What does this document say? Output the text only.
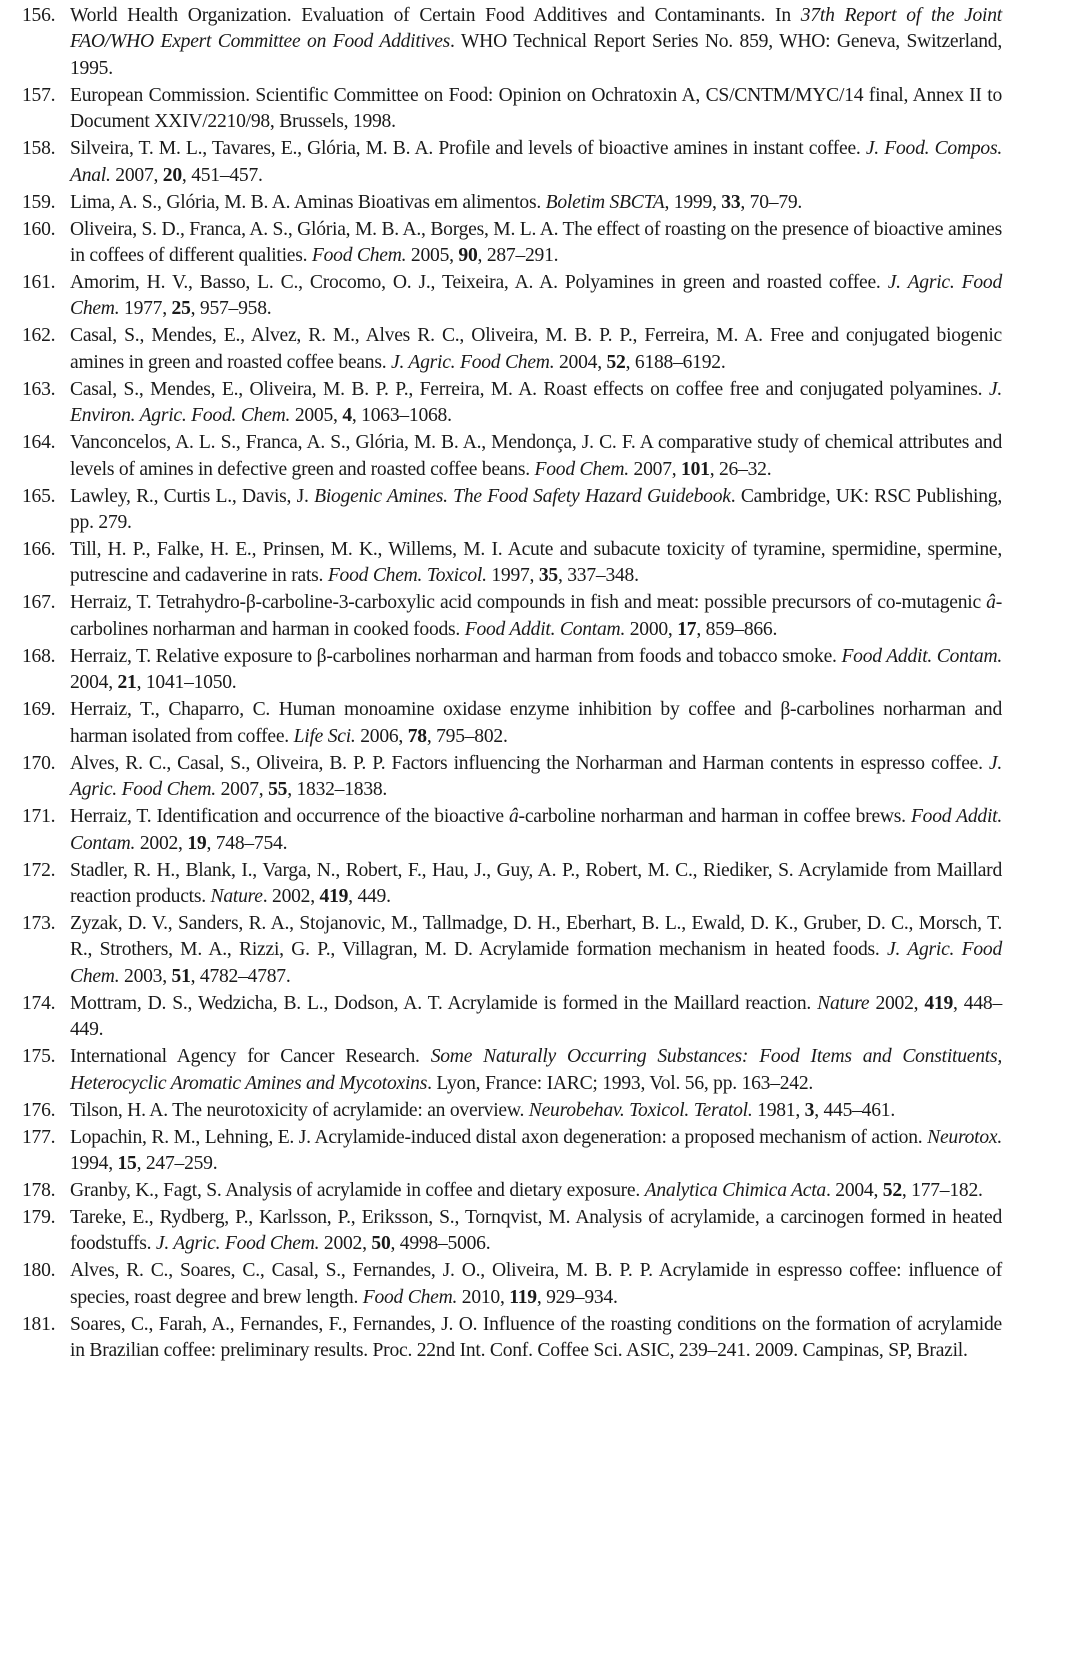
156. World Health Organization. Evaluation of Certain Food Additives and Contaminants. In 37th Report of the Joint FAO/WHO Expert Committee on Food Additives. WHO Technical Report Series No. 859, WHO: Geneva, Switzerland, 1995.
157. European Commission. Scientific Committee on Food: Opinion on Ochratoxin A, CS/CNTM/MYC/14 final, Annex II to Document XXIV/2210/98, Brussels, 1998.
158. Silveira, T. M. L., Tavares, E., Glória, M. B. A. Profile and levels of bioactive amines in instant coffee. J. Food. Compos. Anal. 2007, 20, 451–457.
159. Lima, A. S., Glória, M. B. A. Aminas Bioativas em alimentos. Boletim SBCTA, 1999, 33, 70–79.
160. Oliveira, S. D., Franca, A. S., Glória, M. B. A., Borges, M. L. A. The effect of roasting on the presence of bioactive amines in coffees of different qualities. Food Chem. 2005, 90, 287–291.
161. Amorim, H. V., Basso, L. C., Crocomo, O. J., Teixeira, A. A. Polyamines in green and roasted coffee. J. Agric. Food Chem. 1977, 25, 957–958.
162. Casal, S., Mendes, E., Alvez, R. M., Alves R. C., Oliveira, M. B. P. P., Ferreira, M. A. Free and conjugated biogenic amines in green and roasted coffee beans. J. Agric. Food Chem. 2004, 52, 6188–6192.
163. Casal, S., Mendes, E., Oliveira, M. B. P. P., Ferreira, M. A. Roast effects on coffee free and conjugated polyamines. J. Environ. Agric. Food. Chem. 2005, 4, 1063–1068.
164. Vanconcelos, A. L. S., Franca, A. S., Glória, M. B. A., Mendonça, J. C. F. A comparative study of chemical attributes and levels of amines in defective green and roasted coffee beans. Food Chem. 2007, 101, 26–32.
165. Lawley, R., Curtis L., Davis, J. Biogenic Amines. The Food Safety Hazard Guidebook. Cambridge, UK: RSC Publishing, pp. 279.
166. Till, H. P., Falke, H. E., Prinsen, M. K., Willems, M. I. Acute and subacute toxicity of tyramine, spermidine, spermine, putrescine and cadaverine in rats. Food Chem. Toxicol. 1997, 35, 337–348.
167. Herraiz, T. Tetrahydro-β-carboline-3-carboxylic acid compounds in fish and meat: possible precursors of co-mutagenic â-carbolines norharman and harman in cooked foods. Food Addit. Contam. 2000, 17, 859–866.
168. Herraiz, T. Relative exposure to β-carbolines norharman and harman from foods and tobacco smoke. Food Addit. Contam. 2004, 21, 1041–1050.
169. Herraiz, T., Chaparro, C. Human monoamine oxidase enzyme inhibition by coffee and β-carbolines norharman and harman isolated from coffee. Life Sci. 2006, 78, 795–802.
170. Alves, R. C., Casal, S., Oliveira, B. P. P. Factors influencing the Norharman and Harman contents in espresso coffee. J. Agric. Food Chem. 2007, 55, 1832–1838.
171. Herraiz, T. Identification and occurrence of the bioactive â-carboline norharman and harman in coffee brews. Food Addit. Contam. 2002, 19, 748–754.
172. Stadler, R. H., Blank, I., Varga, N., Robert, F., Hau, J., Guy, A. P., Robert, M. C., Riediker, S. Acrylamide from Maillard reaction products. Nature. 2002, 419, 449.
173. Zyzak, D. V., Sanders, R. A., Stojanovic, M., Tallmadge, D. H., Eberhart, B. L., Ewald, D. K., Gruber, D. C., Morsch, T. R., Strothers, M. A., Rizzi, G. P., Villagran, M. D. Acrylamide formation mechanism in heated foods. J. Agric. Food Chem. 2003, 51, 4782–4787.
174. Mottram, D. S., Wedzicha, B. L., Dodson, A. T. Acrylamide is formed in the Maillard reaction. Nature 2002, 419, 448–449.
175. International Agency for Cancer Research. Some Naturally Occurring Substances: Food Items and Constituents, Heterocyclic Aromatic Amines and Mycotoxins. Lyon, France: IARC; 1993, Vol. 56, pp. 163–242.
176. Tilson, H. A. The neurotoxicity of acrylamide: an overview. Neurobehav. Toxicol. Teratol. 1981, 3, 445–461.
177. Lopachin, R. M., Lehning, E. J. Acrylamide-induced distal axon degeneration: a proposed mechanism of action. Neurotox. 1994, 15, 247–259.
178. Granby, K., Fagt, S. Analysis of acrylamide in coffee and dietary exposure. Analytica Chimica Acta. 2004, 52, 177–182.
179. Tareke, E., Rydberg, P., Karlsson, P., Eriksson, S., Tornqvist, M. Analysis of acrylamide, a carcinogen formed in heated foodstuffs. J. Agric. Food Chem. 2002, 50, 4998–5006.
180. Alves, R. C., Soares, C., Casal, S., Fernandes, J. O., Oliveira, M. B. P. P. Acrylamide in espresso coffee: influence of species, roast degree and brew length. Food Chem. 2010, 119, 929–934.
181. Soares, C., Farah, A., Fernandes, F., Fernandes, J. O. Influence of the roasting conditions on the formation of acrylamide in Brazilian coffee: preliminary results. Proc. 22nd Int. Conf. Coffee Sci. ASIC, 239–241. 2009. Campinas, SP, Brazil.
